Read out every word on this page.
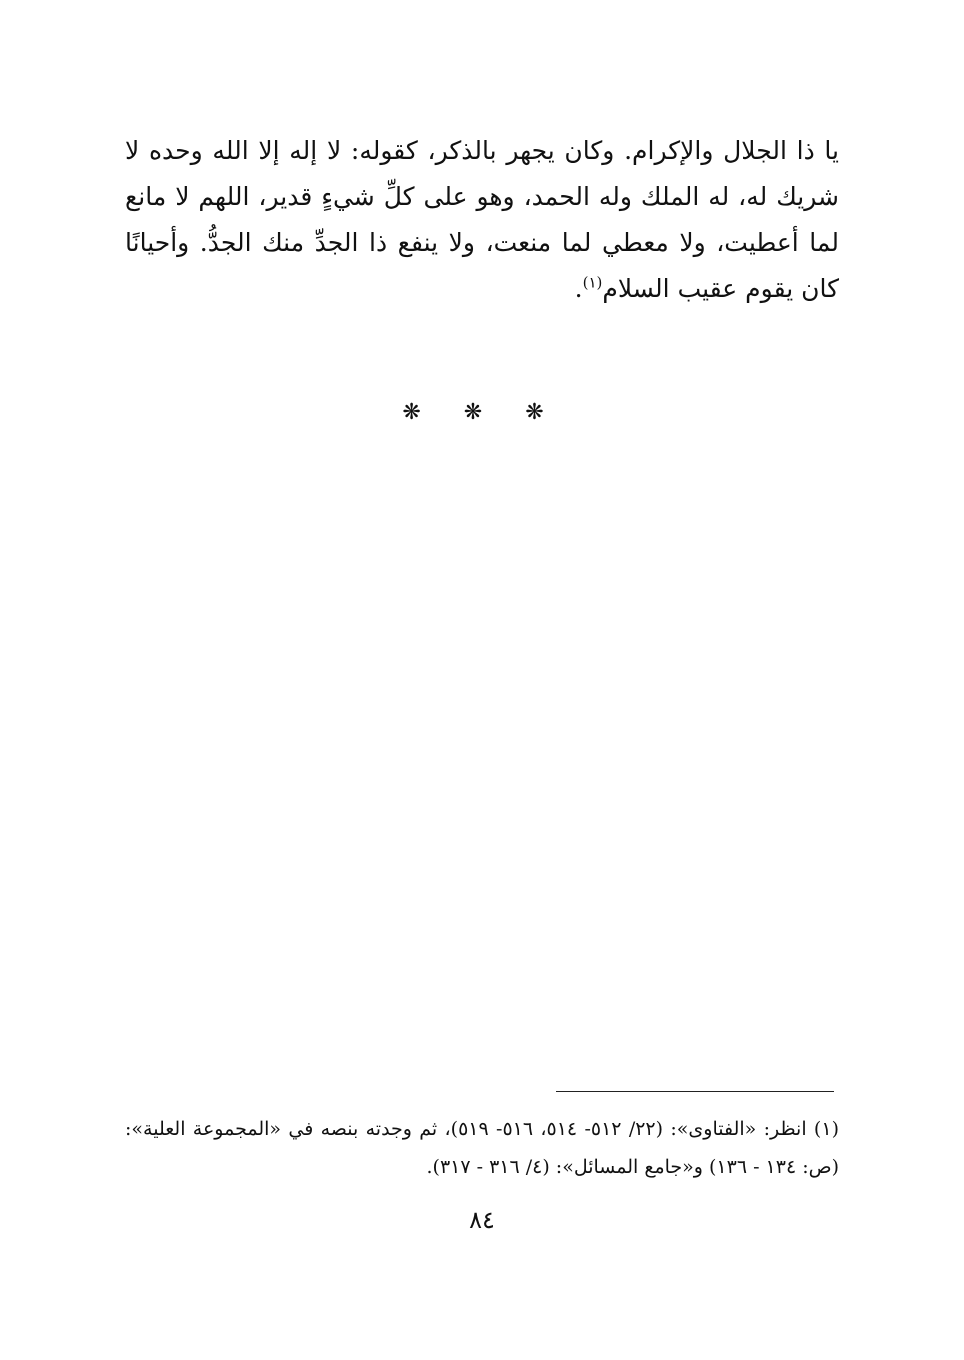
يا ذا الجلال والإكرام. وكان يجهر بالذكر، كقوله: لا إله إلا الله وحده لا شريك له، له الملك وله الحمد، وهو على كلِّ شيءٍ قدير، اللهم لا مانع لما أعطيت، ولا معطي لما منعت، ولا ينفع ذا الجدِّ منك الجدُّ. وأحيانًا كان يقوم عقيب السلام$^{(١)}$.

❋ ❋ ❋

(١) انظر: «الفتاوى»: (٢٢/ ٥١٢- ٥١٤، ٥١٦- ٥١٩)، ثم وجدته بنصه في «المجموعة العلية»: (ص: ١٣٤ - ١٣٦) و«جامع المسائل»: (٤/ ٣١٦ - ٣١٧).

٨٤
